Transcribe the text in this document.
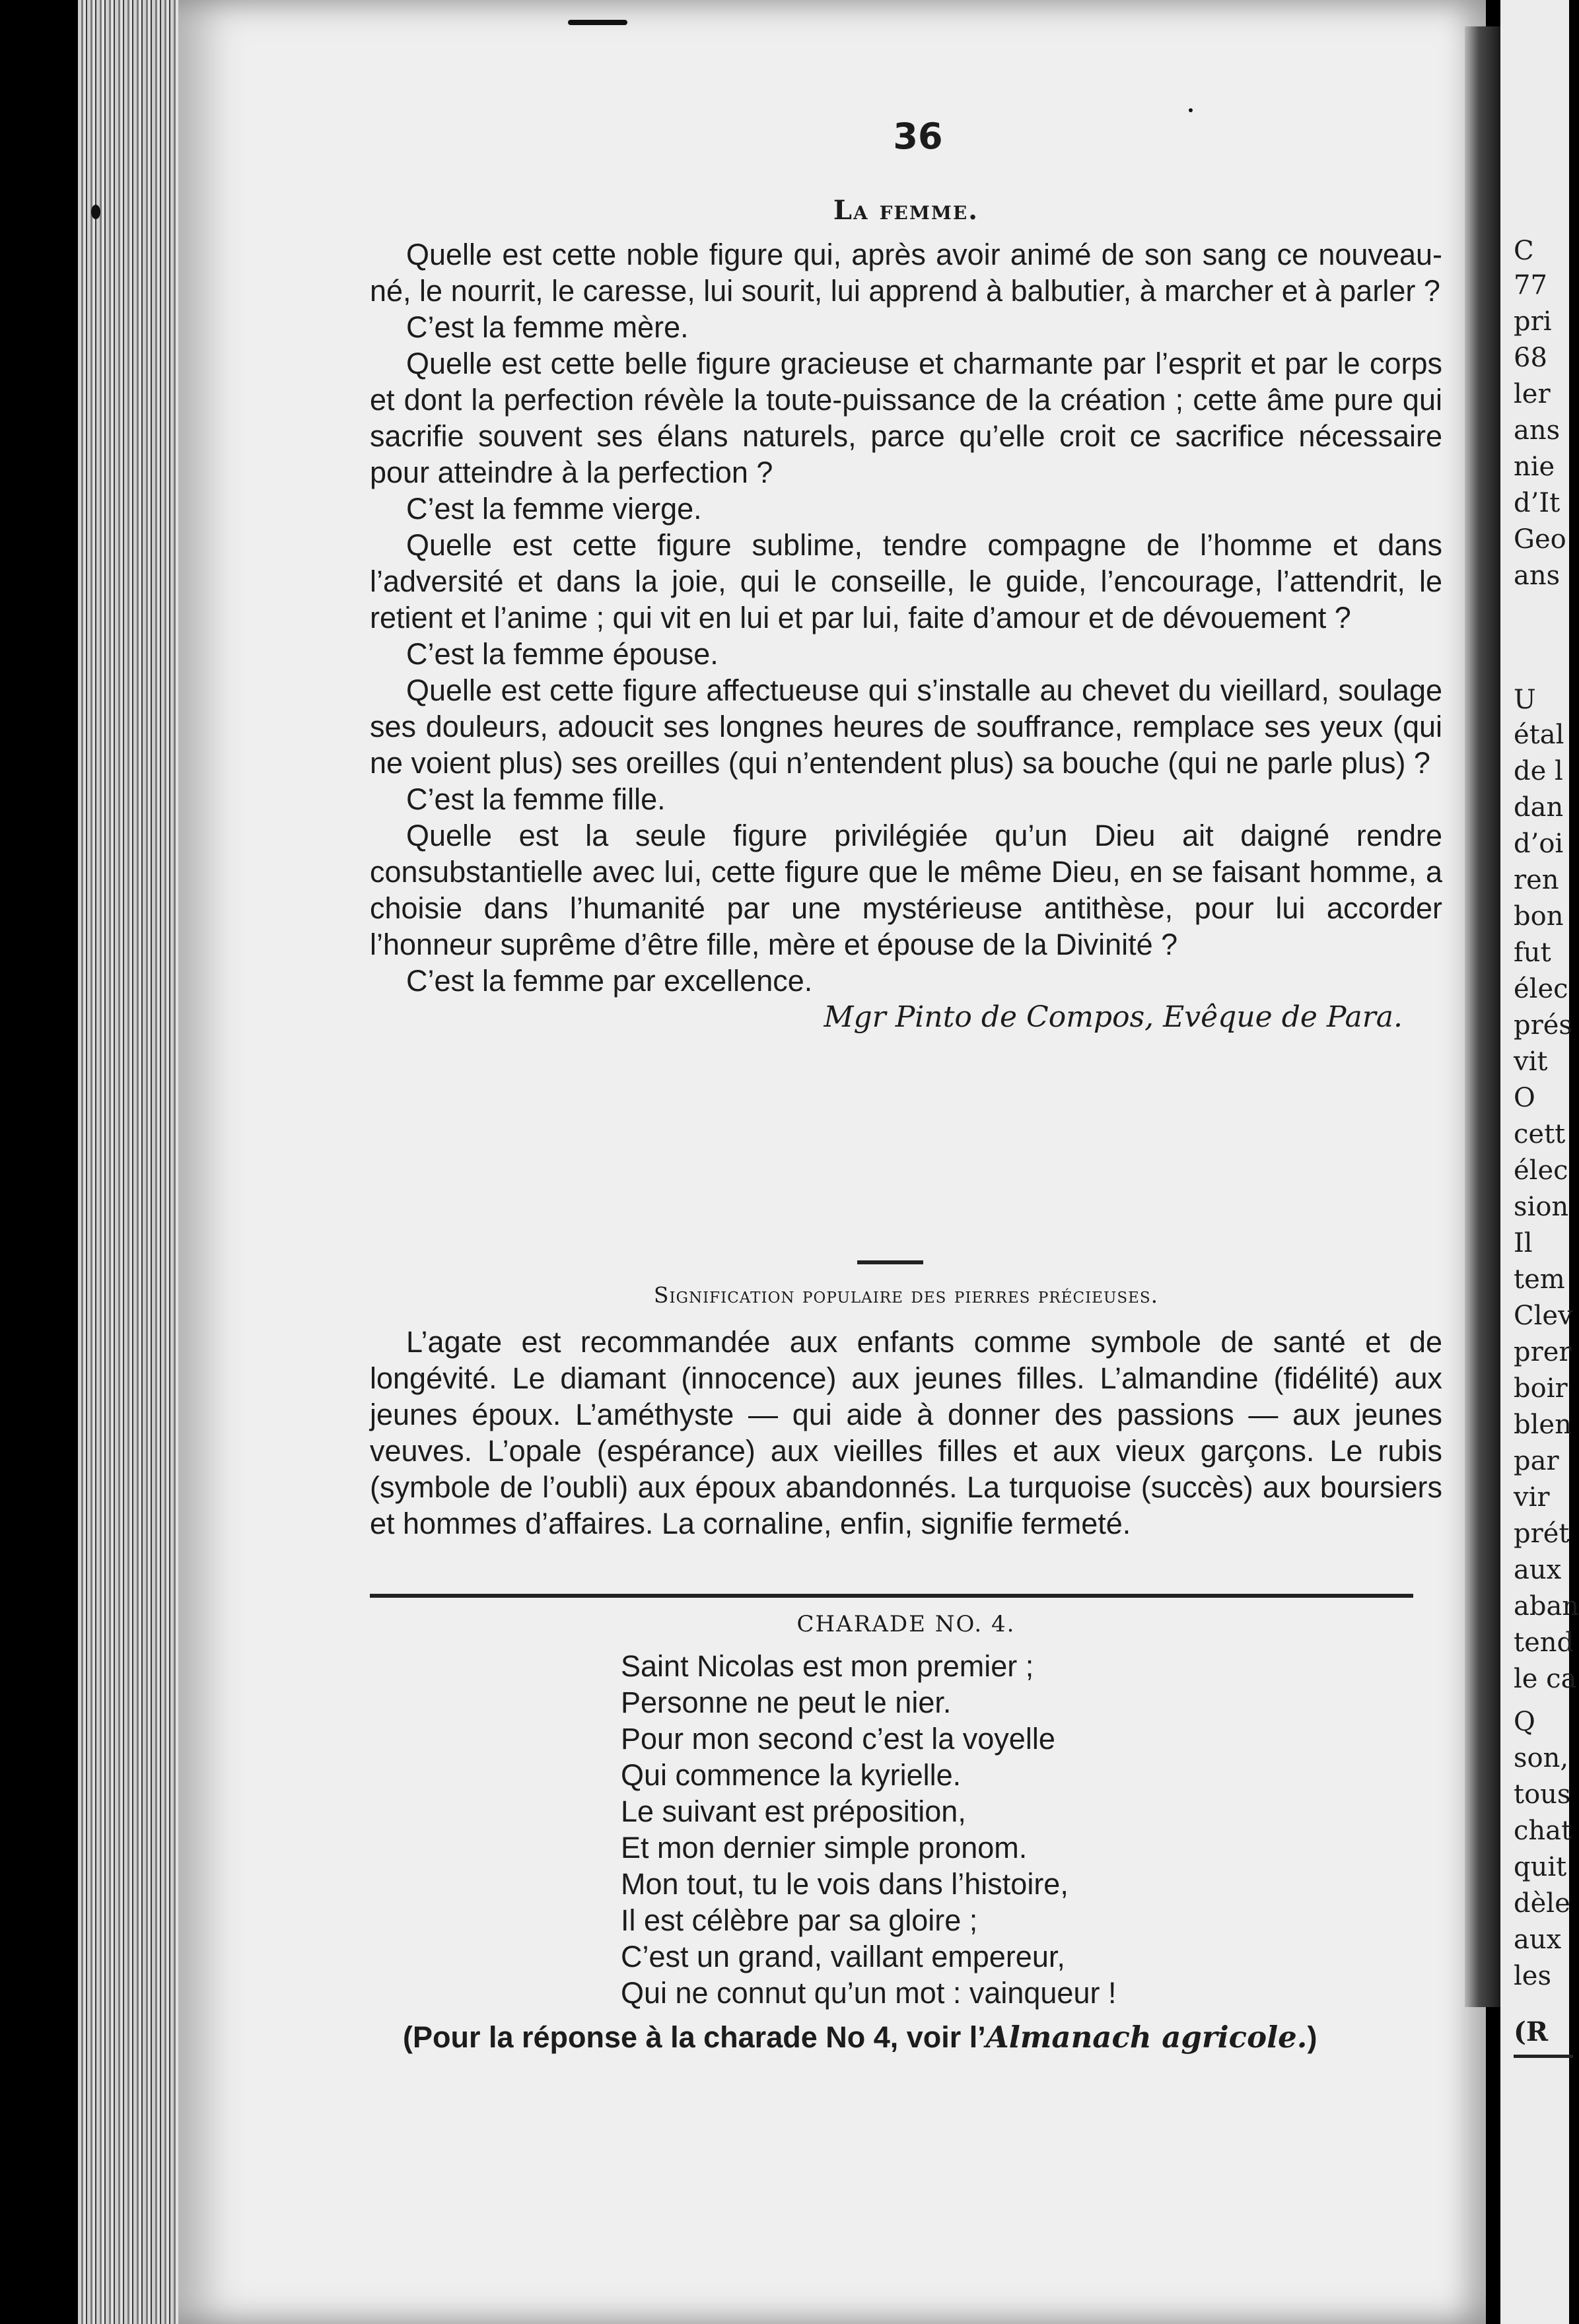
C
77
pri
68
ler
ans
nie
d’It
Geo
ans
U
étal
de l
dan
d’oi
ren
bon
fut
élec
prés
vit
O
cett
élec
sion
Il
tem
Clev
prer
boir
blen
par
vir
prét
aux
aban
tend
le ca
Q
son,
tous
chat
quit
dèle
aux
les
(R
36
La femme.

Quelle est cette noble figure qui, après avoir animé de son sang ce nouveau-né, le nourrit, le caresse, lui sourit, lui apprend à balbutier, à marcher et à parler ?

C’est la femme mère.

Quelle est cette belle figure gracieuse et charmante par l’esprit et par le corps et dont la perfection révèle la toute-puissance de la création ; cette âme pure qui sacrifie souvent ses élans naturels, parce qu’elle croit ce sacrifice nécessaire pour atteindre à la perfection ?

C’est la femme vierge.

Quelle est cette figure sublime, tendre compagne de l’homme et dans l’adversité et dans la joie, qui le conseille, le guide, l’encourage, l’attendrit, le retient et l’anime ; qui vit en lui et par lui, faite d’amour et de dévouement ?

C’est la femme épouse.

Quelle est cette figure affectueuse qui s’installe au chevet du vieillard, soulage ses douleurs, adoucit ses longnes heures de souffrance, remplace ses yeux (qui ne voient plus) ses oreilles (qui n’entendent plus) sa bouche (qui ne parle plus) ?

C’est la femme fille.

Quelle est la seule figure privilégiée qu’un Dieu ait daigné rendre consubstantielle avec lui, cette figure que le même Dieu, en se faisant homme, a choisie dans l’humanité par une mystérieuse antithèse, pour lui accorder l’honneur suprême d’être fille, mère et épouse de la Divinité ?

C’est la femme par excellence.

Mgr Pinto de Compos, Evêque de Para.

Signification populaire des pierres précieuses.

L’agate est recommandée aux enfants comme symbole de santé et de longévité. Le diamant (innocence) aux jeunes filles. L’almandine (fidélité) aux jeunes époux. L’améthyste — qui aide à donner des passions — aux jeunes veuves. L’opale (espérance) aux vieilles filles et aux vieux garçons. Le rubis (symbole de l’oubli) aux époux abandonnés. La turquoise (succès) aux boursiers et hommes d’affaires. La cornaline, enfin, signifie fermeté.

CHARADE NO. 4.
Saint Nicolas est mon premier ;
Personne ne peut le nier.
Pour mon second c’est la voyelle
Qui commence la kyrielle.
Le suivant est préposition,
Et mon dernier simple pronom.
Mon tout, tu le vois dans l’histoire,
Il est célèbre par sa gloire ;
C’est un grand, vaillant empereur,
Qui ne connut qu’un mot : vainqueur !
(Pour la réponse à la charade No 4, voir l’Almanach agricole.)
